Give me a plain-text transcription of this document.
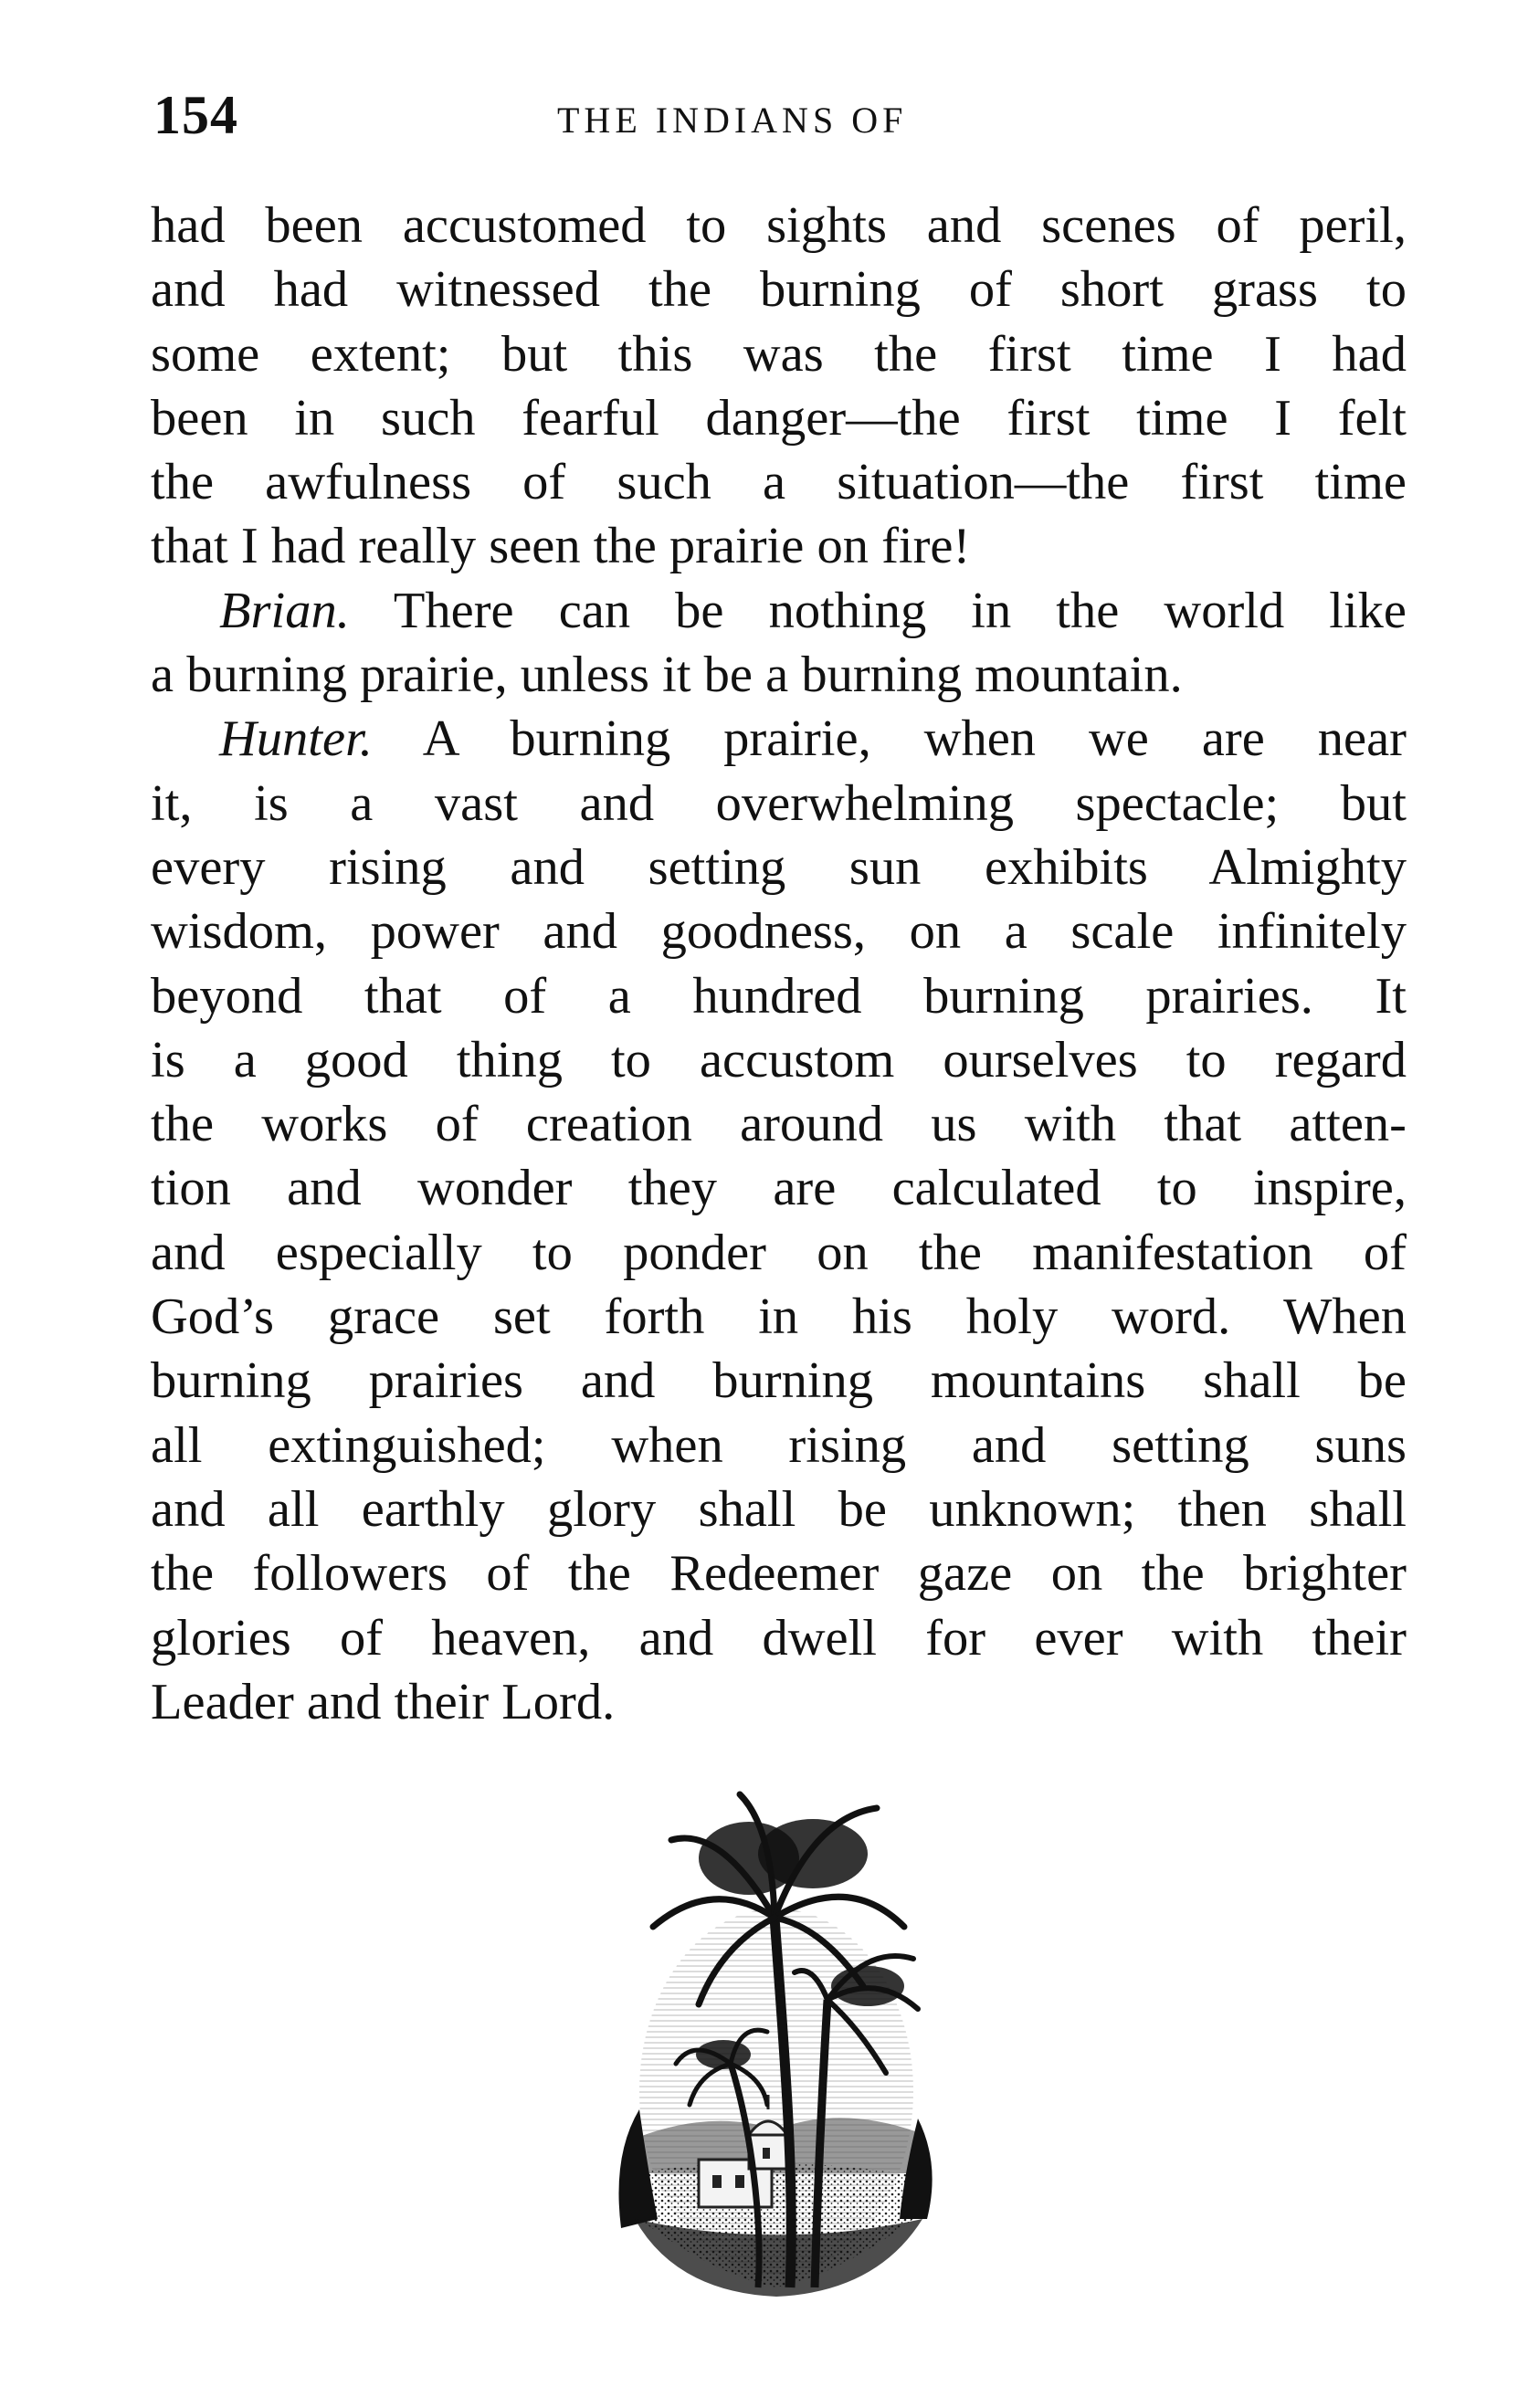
154	THE INDIANS OF
had been accustomed to sights and scenes of peril,
and had witnessed the burning of short grass to
some extent; but this was the first time I had
been in such fearful danger—the first time I felt
the awfulness of such a situation—the first time
that I had really seen the prairie on fire!
Brian. There can be nothing in the world like
a burning prairie, unless it be a burning mountain.
Hunter. A burning prairie, when we are near
it, is a vast and overwhelming spectacle; but
every rising and setting sun exhibits Almighty
wisdom, power and goodness, on a scale infinitely
beyond that of a hundred burning prairies. It
is a good thing to accustom ourselves to regard
the works of creation around us with that atten-
tion and wonder they are calculated to inspire,
and especially to ponder on the manifestation of
God’s grace set forth in his holy word. When
burning prairies and burning mountains shall be
all extinguished; when rising and setting suns
and all earthly glory shall be unknown; then shall
the followers of the Redeemer gaze on the brighter
glories of heaven, and dwell for ever with their
Leader and their Lord.
